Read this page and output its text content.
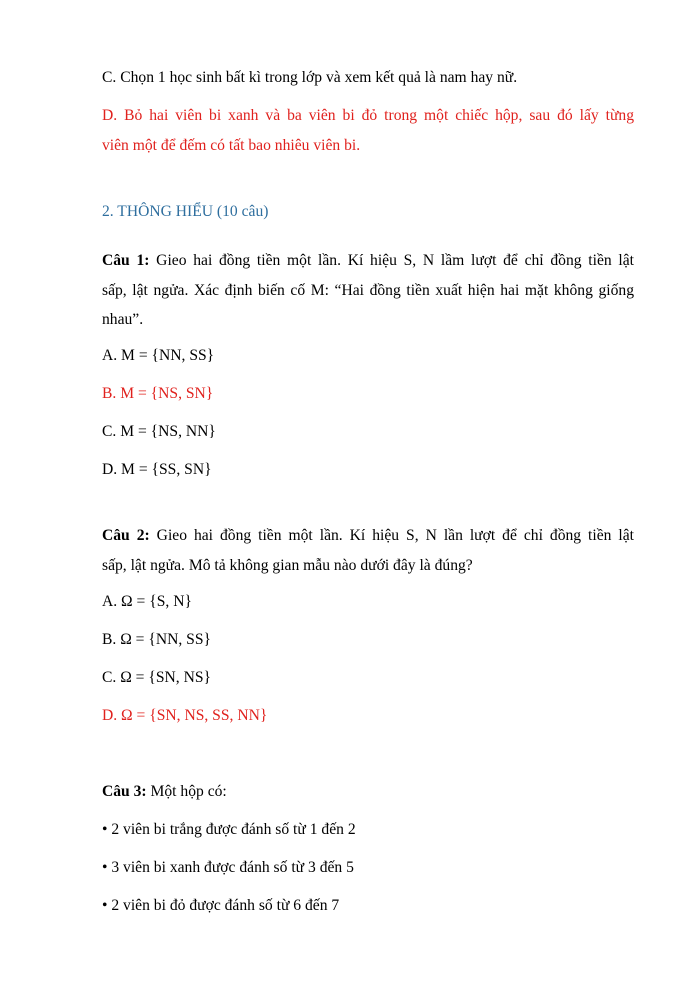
C. Chọn 1 học sinh bất kì trong lớp và xem kết quả là nam hay nữ.
D. Bỏ hai viên bi xanh và ba viên bi đỏ trong một chiếc hộp, sau đó lấy từng
viên một để đếm có tất bao nhiêu viên bi.
2. THÔNG HIỂU (10 câu)
Câu 1: Gieo hai đồng tiền một lần. Kí hiệu S, N lầm lượt để chỉ đồng tiền lật
sấp, lật ngửa. Xác định biến cố M: “Hai đồng tiền xuất hiện hai mặt không giống
nhau”.
A. M = {NN, SS}
B. M = {NS, SN}
C. M = {NS, NN}
D. M = {SS, SN}
Câu 2: Gieo hai đồng tiền một lần. Kí hiệu S, N lần lượt để chỉ đồng tiền lật
sấp, lật ngửa. Mô tả không gian mẫu nào dưới đây là đúng?
A. Ω = {S, N}
B. Ω = {NN, SS}
C. Ω = {SN, NS}
D. Ω = {SN, NS, SS, NN}
Câu 3: Một hộp có:
• 2 viên bi trắng được đánh số từ 1 đến 2
• 3 viên bi xanh được đánh số từ 3 đến 5
• 2 viên bi đỏ được đánh số từ 6 đến 7
